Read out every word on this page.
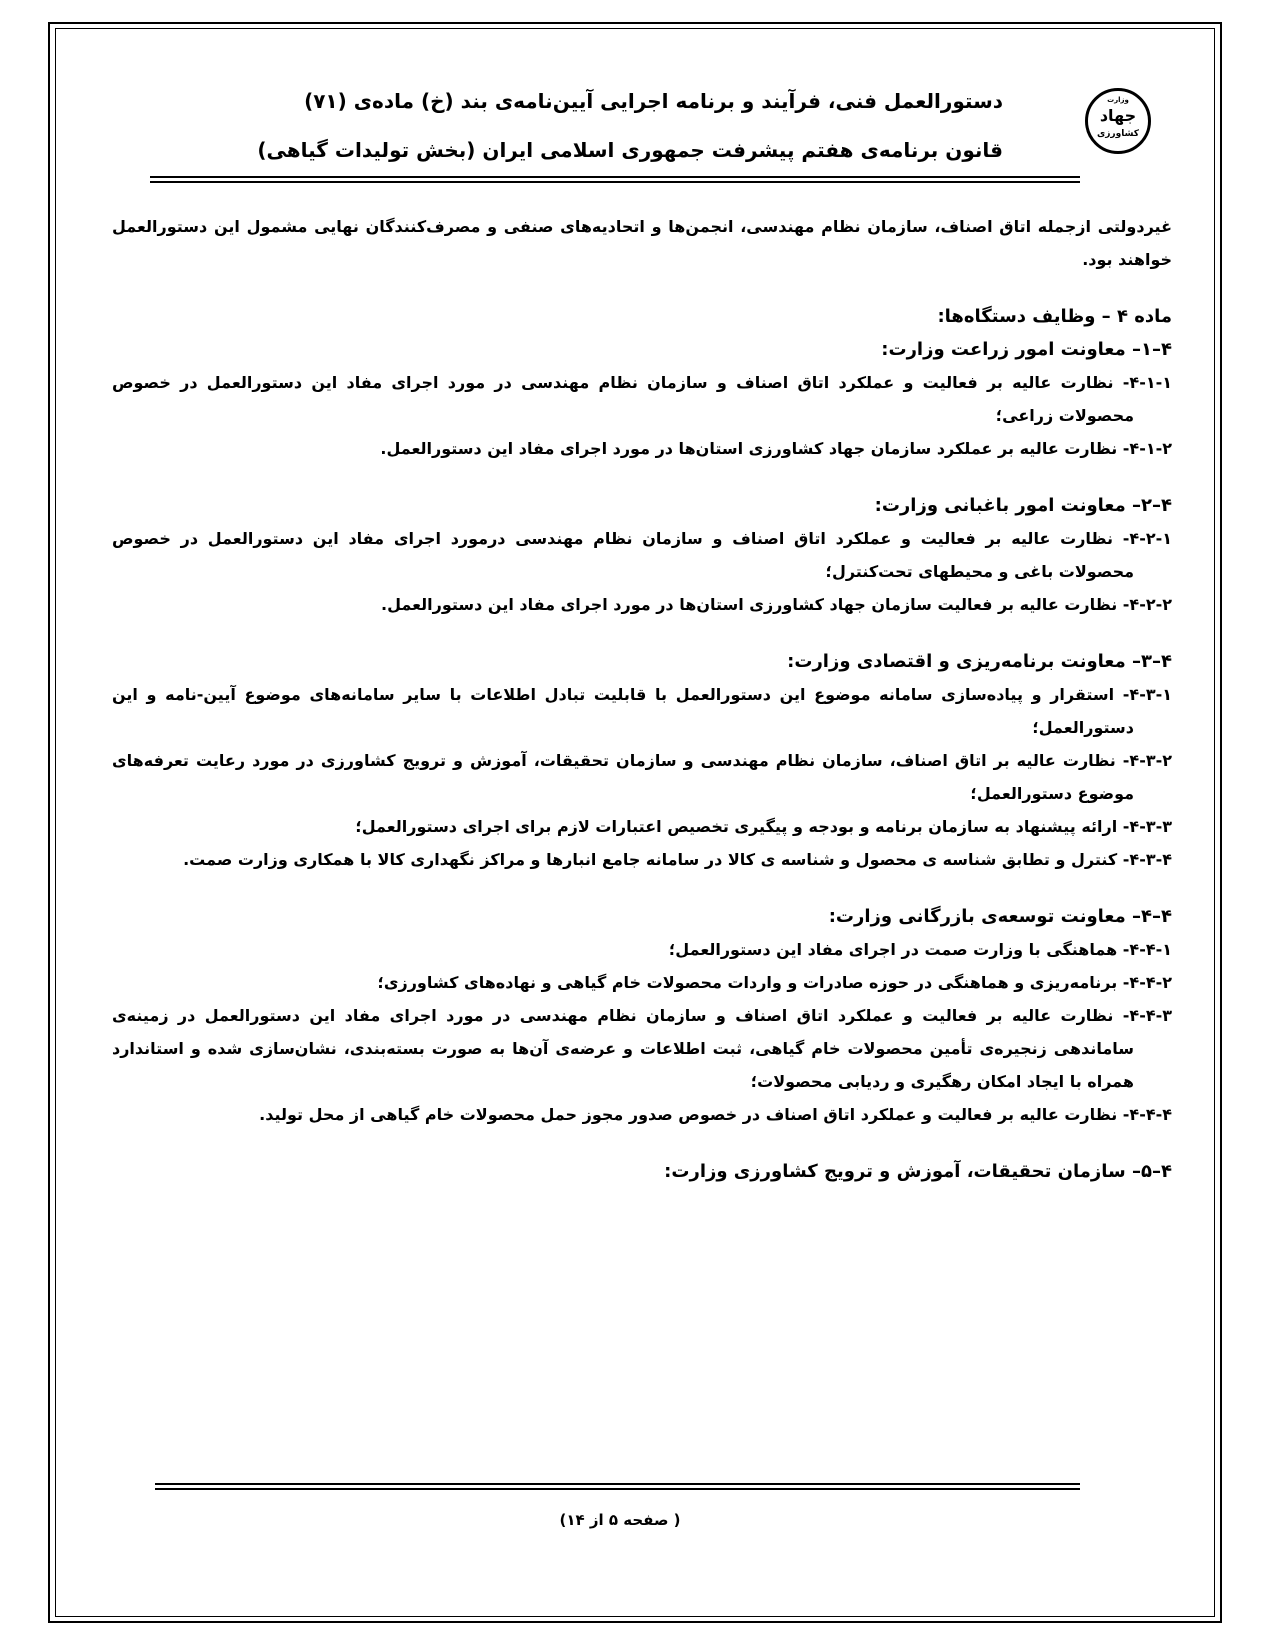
وزارت
جهاد
کشاورزی
دستورالعمل فنی، فرآیند و برنامه اجرایی آیین‌نامه‌ی بند (خ) ماده‌ی (۷۱)
قانون برنامه‌ی هفتم پیشرفت جمهوری اسلامی ایران (بخش تولیدات گیاهی)

غیردولتی ازجمله اتاق اصناف، سازمان نظام مهندسی، انجمن‌ها و اتحادیه‌های صنفی و مصرف‌کنندگان نهایی مشمول این دستورالعمل خواهند بود.

ماده ۴ – وظایف دستگاه‌ها:

۴–۱– معاونت امور زراعت وزارت:

۴-۱-۱- نظارت عالیه بر فعالیت و عملکرد اتاق اصناف و سازمان نظام مهندسی در مورد اجرای مفاد این دستورالعمل در خصوص محصولات زراعی؛

۴-۱-۲- نظارت عالیه بر عملکرد سازمان جهاد کشاورزی استان‌ها در مورد اجرای مفاد این دستورالعمل.

۴–۲– معاونت امور باغبانی وزارت:

۴-۲-۱- نظارت عالیه بر فعالیت و عملکرد اتاق اصناف و سازمان نظام مهندسی درمورد اجرای مفاد این دستورالعمل در خصوص محصولات باغی و محیطهای تحت‌کنترل؛

۴-۲-۲- نظارت عالیه بر فعالیت سازمان جهاد کشاورزی استان‌ها در مورد اجرای مفاد این دستورالعمل.

۴–۳– معاونت برنامه‌ریزی و اقتصادی وزارت:

۴-۳-۱- استقرار و پیاده‌سازی سامانه موضوع این دستورالعمل با قابلیت تبادل اطلاعات با سایر سامانه‌های موضوع آیین-نامه و این دستورالعمل؛

۴-۳-۲- نظارت عالیه بر اتاق اصناف، سازمان نظام مهندسی و سازمان تحقیقات، آموزش و ترویج کشاورزی در مورد رعایت تعرفه‌های موضوع دستورالعمل؛

۴-۳-۳- ارائه پیشنهاد به سازمان برنامه و بودجه و پیگیری تخصیص اعتبارات لازم برای اجرای دستورالعمل؛

۴-۳-۴- کنترل و تطابق شناسه ی محصول و شناسه ی کالا در سامانه جامع انبارها و مراکز نگهداری کالا با همکاری وزارت صمت.

۴–۴– معاونت توسعه‌ی بازرگانی وزارت:

۴-۴-۱- هماهنگی با وزارت صمت در اجرای مفاد این دستورالعمل؛

۴-۴-۲- برنامه‌ریزی و هماهنگی در حوزه صادرات و واردات محصولات خام گیاهی و نهاده‌های کشاورزی؛

۴-۴-۳- نظارت عالیه بر فعالیت و عملکرد اتاق اصناف و سازمان نظام مهندسی در مورد اجرای مفاد این دستورالعمل در زمینه‌ی ساماندهی زنجیره‌ی تأمین محصولات خام گیاهی، ثبت اطلاعات و عرضه‌ی آن‌ها به صورت بسته‌بندی، نشان‌سازی شده و استاندارد همراه با ایجاد امکان رهگیری و ردیابی محصولات؛

۴-۴-۴- نظارت عالیه بر فعالیت و عملکرد اتاق اصناف در خصوص صدور مجوز حمل محصولات خام گیاهی از محل تولید.

۴–۵– سازمان تحقیقات، آموزش و ترویج کشاورزی وزارت:

( صفحه ۵ از ۱۴)
